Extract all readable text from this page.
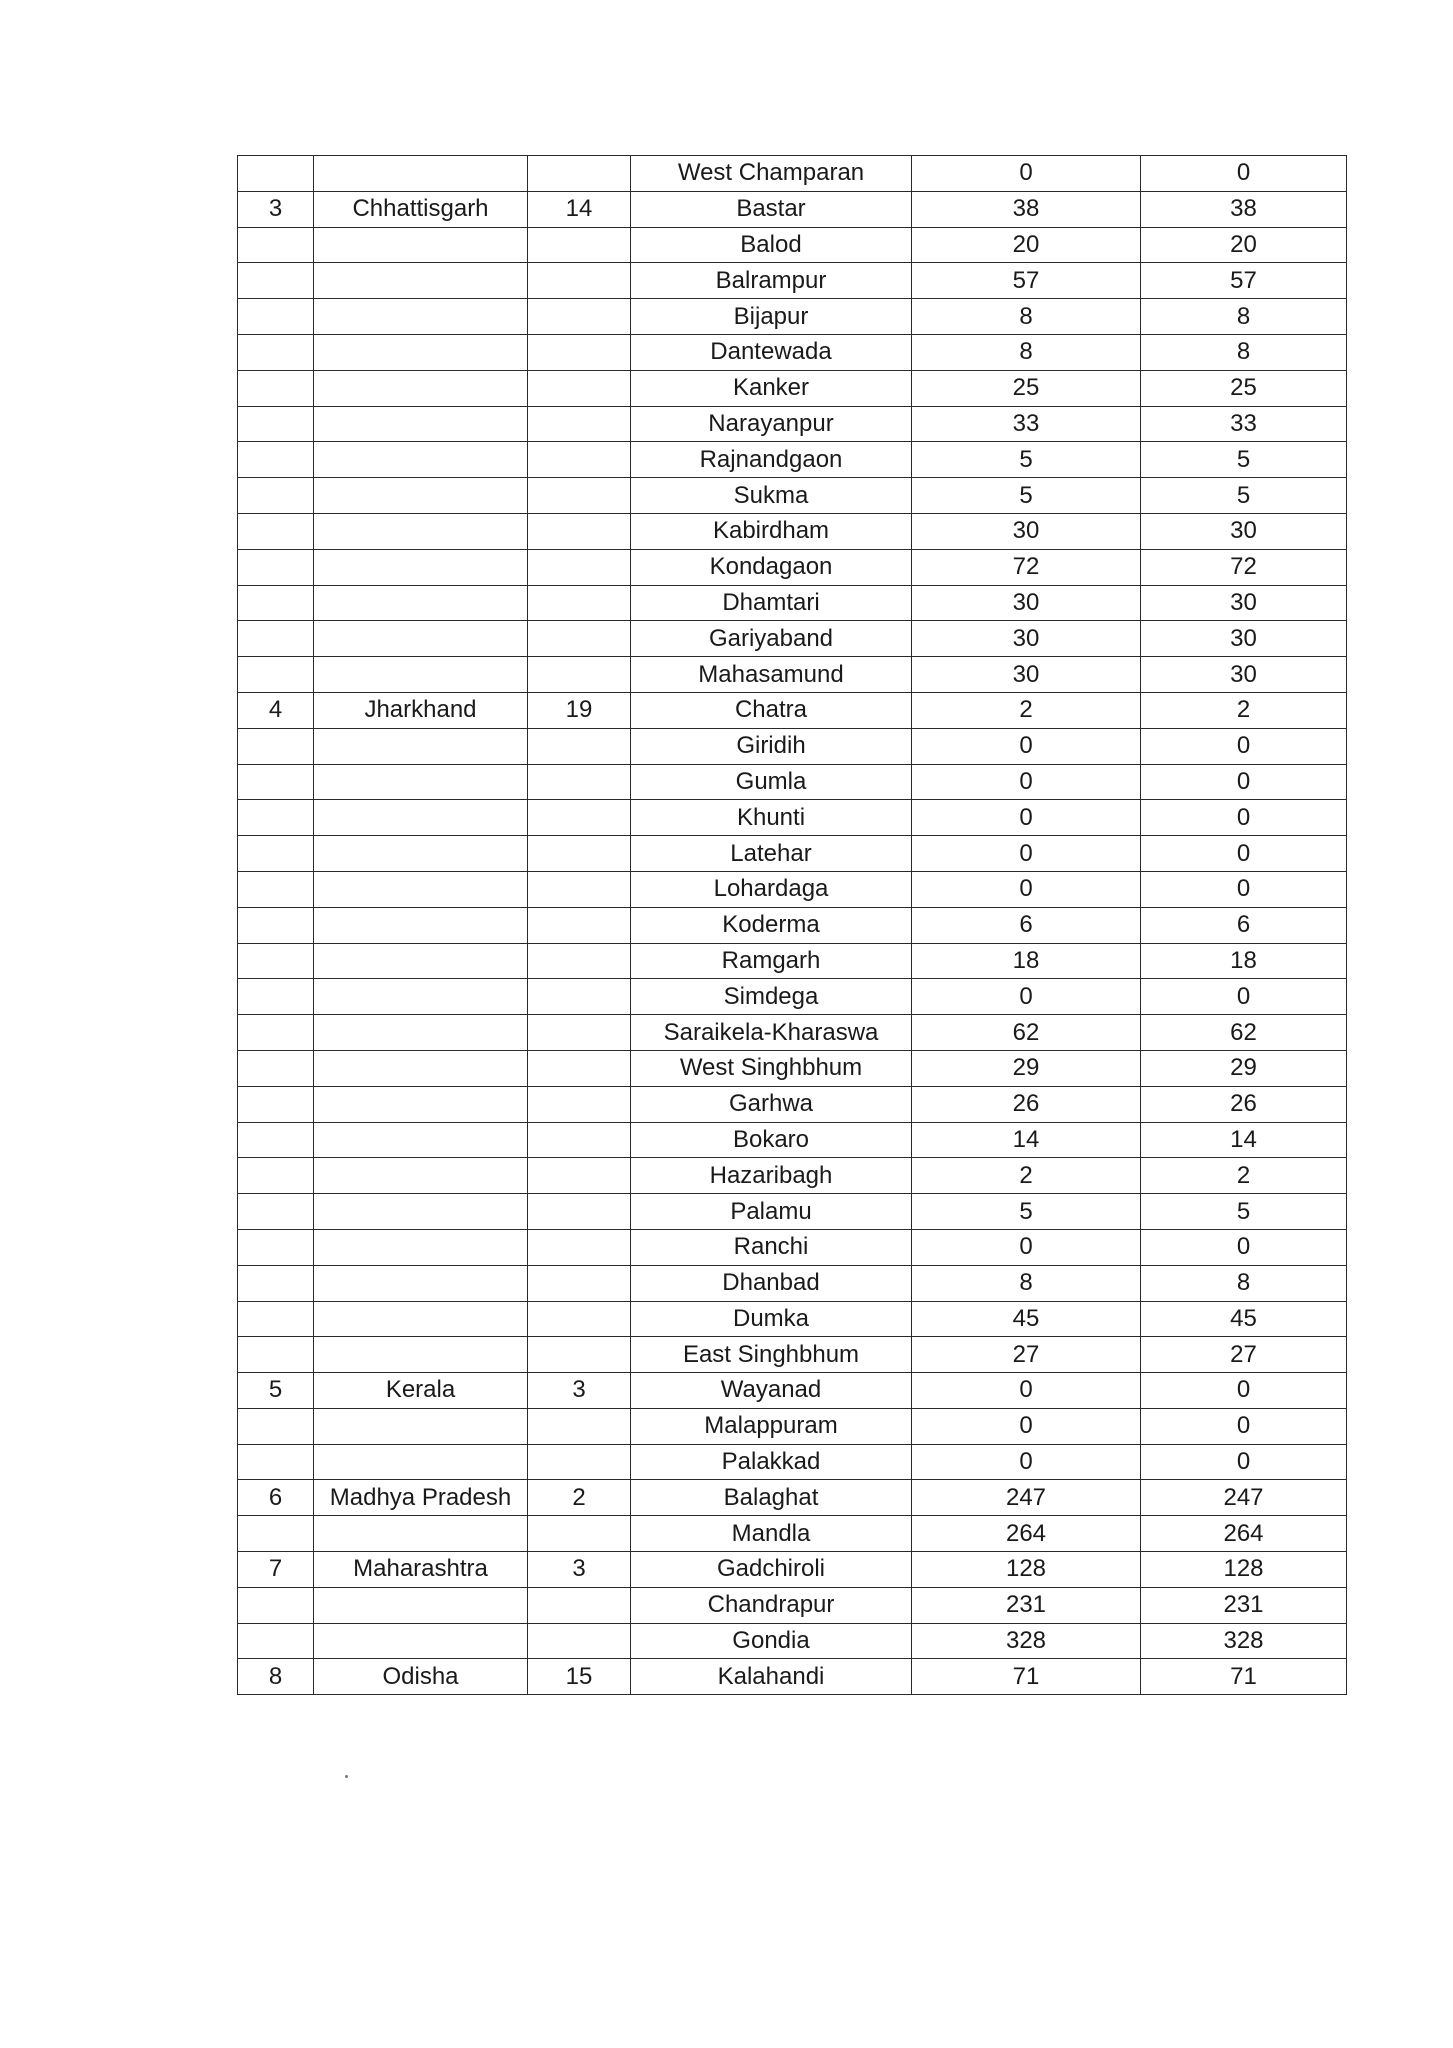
			West Champaran	0	0
3	Chhattisgarh	14	Bastar	38	38
			Balod	20	20
			Balrampur	57	57
			Bijapur	8	8
			Dantewada	8	8
			Kanker	25	25
			Narayanpur	33	33
			Rajnandgaon	5	5
			Sukma	5	5
			Kabirdham	30	30
			Kondagaon	72	72
			Dhamtari	30	30
			Gariyaband	30	30
			Mahasamund	30	30
4	Jharkhand	19	Chatra	2	2
			Giridih	0	0
			Gumla	0	0
			Khunti	0	0
			Latehar	0	0
			Lohardaga	0	0
			Koderma	6	6
			Ramgarh	18	18
			Simdega	0	0
			Saraikela-Kharaswa	62	62
			West Singhbhum	29	29
			Garhwa	26	26
			Bokaro	14	14
			Hazaribagh	2	2
			Palamu	5	5
			Ranchi	0	0
			Dhanbad	8	8
			Dumka	45	45
			East Singhbhum	27	27
5	Kerala	3	Wayanad	0	0
			Malappuram	0	0
			Palakkad	0	0
6	Madhya Pradesh	2	Balaghat	247	247
			Mandla	264	264
7	Maharashtra	3	Gadchiroli	128	128
			Chandrapur	231	231
			Gondia	328	328
8	Odisha	15	Kalahandi	71	71
